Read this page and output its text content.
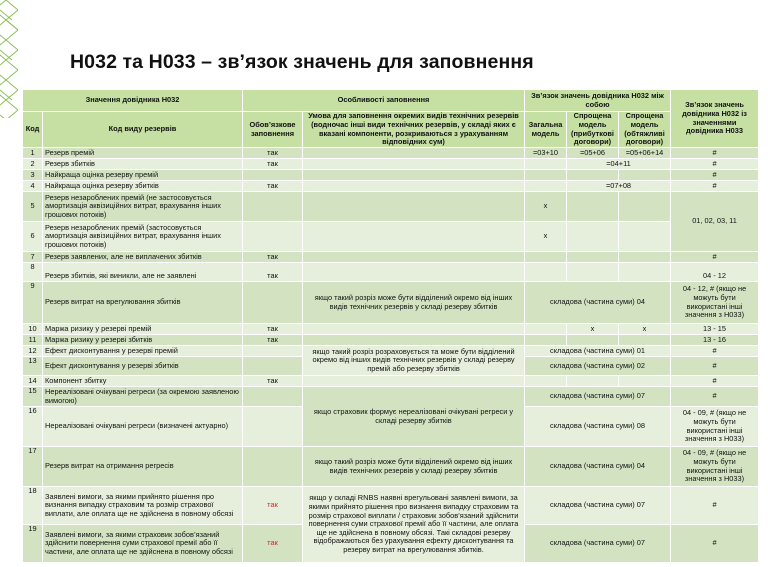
H032 та H033 – зв’язок значень для заповнення
Значення довідника H032		Особливості заповнення		Зв’язок значень довідника H032 між собою			Зв’язок значень довідника H032 із значеннями довідника H033
Код	Код виду резервів	Обов’язкове заповнення	Умова для заповнення окремих видів технічних резервів (водночас інші види технічних резервів, у складі яких є вказані компоненти, розкриваються з урахуванням відповідних сум)	Загальна модель	Спрощена модель (прибуткові договори)	Спрощена модель (обтяжливі договори)	
1	Резерв премій	так		=03+10	=05+06	=05+06+14	#
2	Резерв збитків	так			=04+11		#
3	Найкраща оцінка резерву премій						#
4	Найкраща оцінка резерву збитків	так			=07+08		#
5	Резерв незароблених премій (не застосовується амортизація аквізиційних витрат, врахування інших грошових потоків)			x			01, 02, 03, 11
6	Резерв незароблених премій (застосовується амортизація аквізиційних витрат, врахування інших грошових потоків)			x			
7	Резерв заявлених, але не виплачених збитків	так					#
8	Резерв збитків, які виникли, але не заявлені	так					04 - 12
9	Резерв витрат на врегулювання збитків		якщо такий розріз може бути відділений окремо від інших видів технічних резервів у складі резерву збитків	складова (частина суми) 04			04 - 12, # (якщо не можуть бути використані інші значення з H033)
10	Маржа ризику у резерві премій	так			x	x	13 - 15
11	Маржа ризику у резерві збитків	так					13 - 16
12	Ефект дисконтування у резерві премій		якщо такий розріз розраховується та може бути відділений окремо від інших видів технічних резервів у складі резерву премій або резерву збитків	складова (частина суми) 01			#
13	Ефект дисконтування у резерві збитків			складова (частина суми) 02			#
14	Компонент збитку	так					#
15	Нереалізовані очікувані регреси (за окремою заявленою вимогою)		якщо страховик формує нереалізовані очікувані регреси у складі резерву збитків	складова (частина суми) 07			#
16	Нереалізовані очікувані регреси (визначені актуарно)			складова (частина суми) 08			04 - 09, # (якщо не можуть бути використані інші значення з H033)
17	Резерв витрат на отримання регресів		якщо такий розріз може бути відділений окремо від інших видів технічних резервів у складі резерву збитків	складова (частина суми) 04			04 - 09, # (якщо не можуть бути використані інші значення з H033)
18	Заявлені вимоги, за якими прийнято рішення про визнання випадку страховим та розмір страхової виплати, але оплата ще не здійснена в повному обсязі	так	якщо у складі RNBS наявні врегульовані заявлені вимоги, за якими прийнято рішення про визнання випадку страховим та розмір страхової виплати / страховик зобов’язаний здійснити повернення суми страхової премії або її частини, але оплата ще не здійснена в повному обсязі. Такі складові резерву відображаються без урахування ефекту дисконтування та резерву витрат на врегулювання збитків.	складова (частина суми) 07			#
19	Заявлені вимоги, за якими страховик зобов’язаний здійснити повернення суми страхової премії або її частини, але оплата ще не здійснена в повному обсязі	так		складова (частина суми) 07			#
